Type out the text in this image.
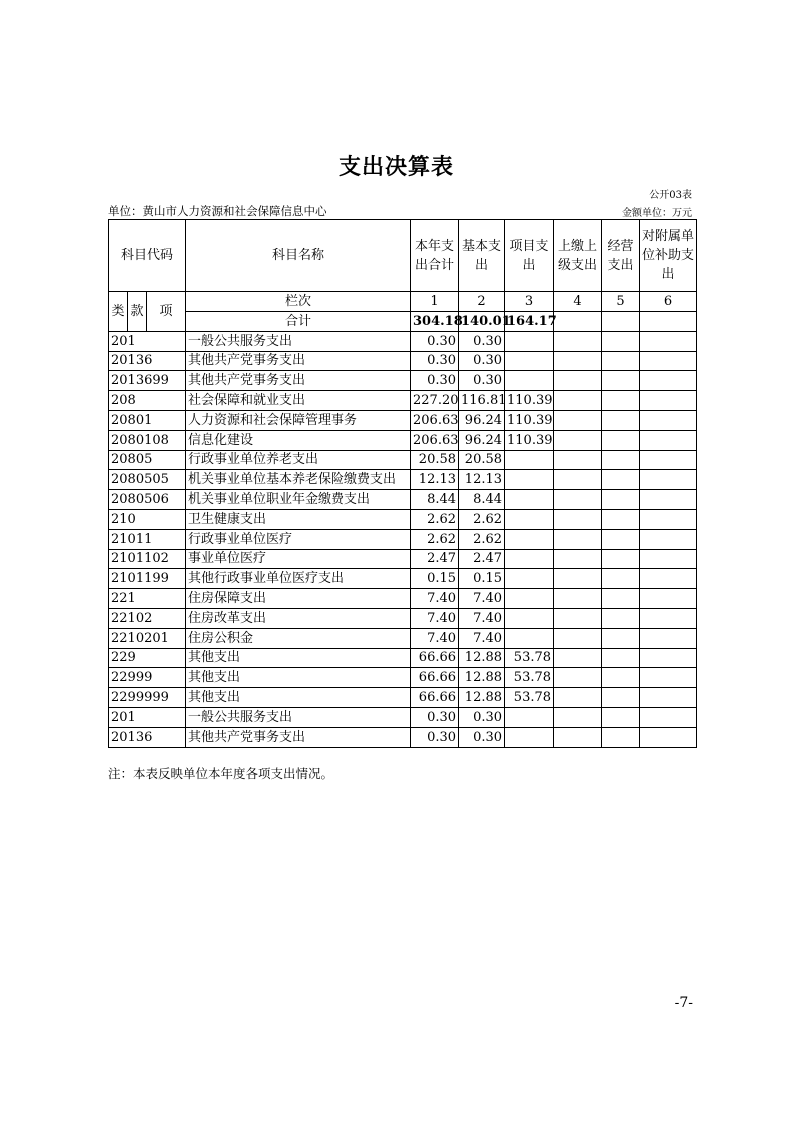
支出决算表
公开03表
单位：黄山市人力资源和社会保障信息中心	金额单位：万元
科目代码			科目名称	本年支出合计	基本支出	项目支出	上缴上级支出	经营支出	对附属单位补助支出
类	款	项	栏次	1	2	3	4	5	6
			合计	304.18	140.01	164.17			
201			一般公共服务支出	0.30	0.30				
20136			其他共产党事务支出	0.30	0.30				
2013699			其他共产党事务支出	0.30	0.30				
208			社会保障和就业支出	227.20	116.81	110.39			
20801			人力资源和社会保障管理事务	206.63	96.24	110.39			
2080108			信息化建设	206.63	96.24	110.39			
20805			行政事业单位养老支出	20.58	20.58				
2080505			机关事业单位基本养老保险缴费支出	12.13	12.13				
2080506			机关事业单位职业年金缴费支出	8.44	8.44				
210			卫生健康支出	2.62	2.62				
21011			行政事业单位医疗	2.62	2.62				
2101102			事业单位医疗	2.47	2.47				
2101199			其他行政事业单位医疗支出	0.15	0.15				
221			住房保障支出	7.40	7.40				
22102			住房改革支出	7.40	7.40				
2210201			住房公积金	7.40	7.40				
229			其他支出	66.66	12.88	53.78			
22999			其他支出	66.66	12.88	53.78			
2299999			其他支出	66.66	12.88	53.78			
201			一般公共服务支出	0.30	0.30				
20136			其他共产党事务支出	0.30	0.30				
注：本表反映单位本年度各项支出情况。
-7-
